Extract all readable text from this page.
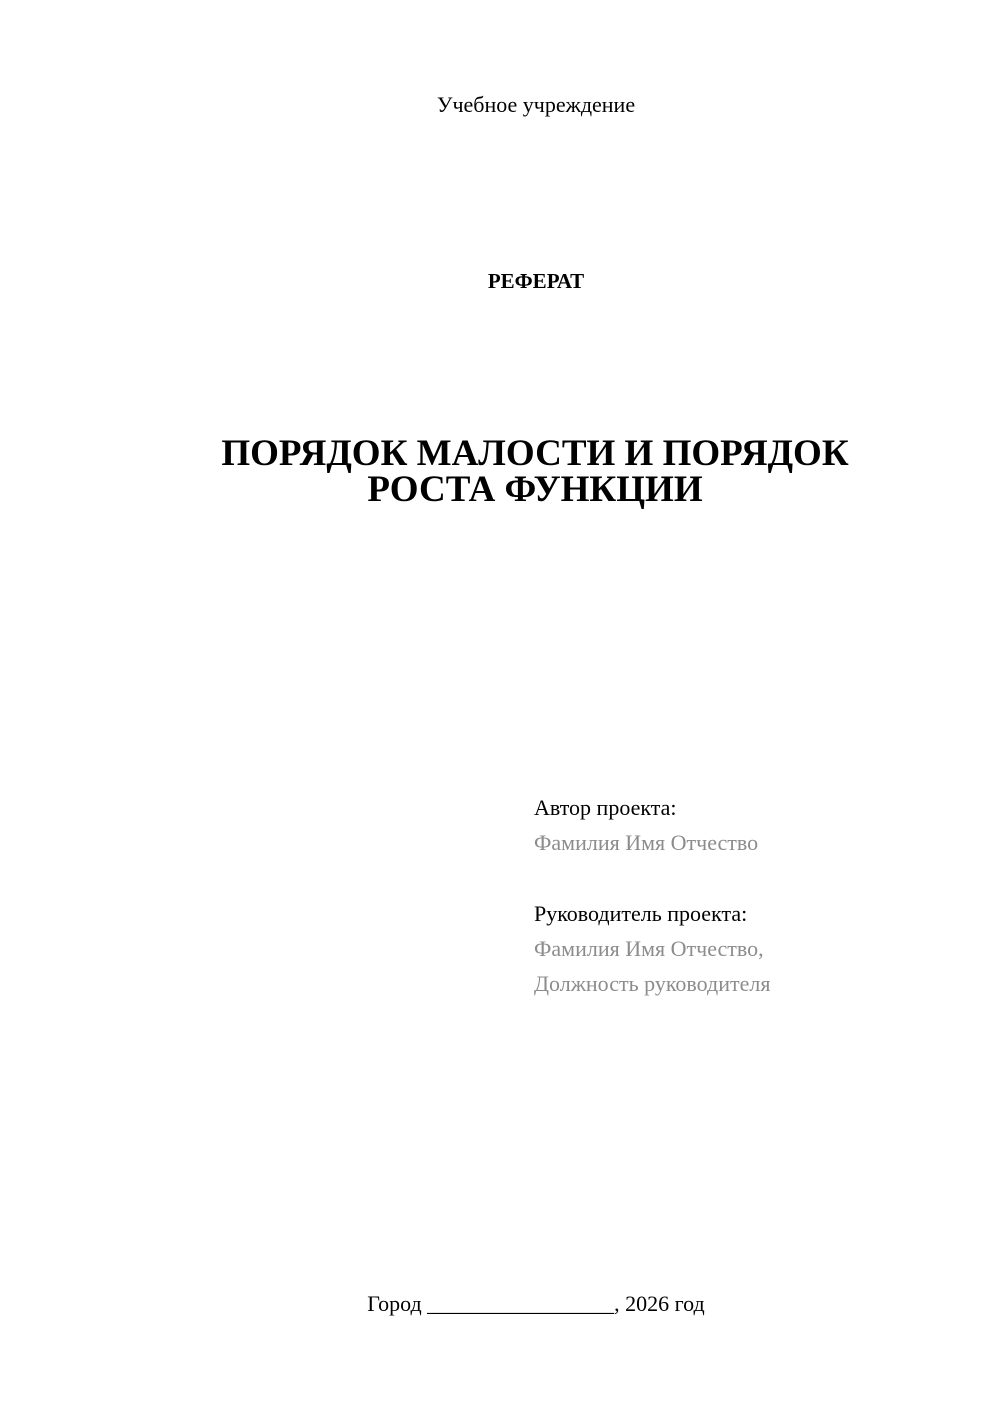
Учебное учреждение
РЕФЕРАТ
ПОРЯДОК МАЛОСТИ И ПОРЯДОК
РОСТА ФУНКЦИИ
Автор проекта:
Фамилия Имя Отчество
Руководитель проекта:
Фамилия Имя Отчество,
Должность руководителя
Город _________________, 2026 год
